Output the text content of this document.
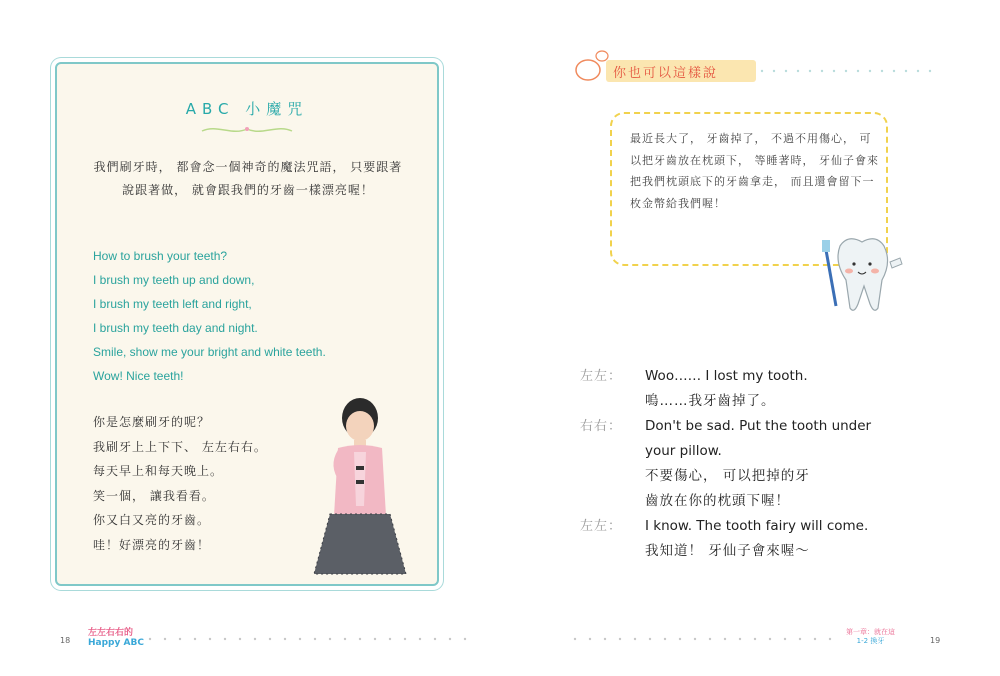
ABC 小魔咒
我們刷牙時， 都會念一個神奇的魔法咒語， 只要跟著說跟著做， 就會跟我們的牙齒一樣漂亮喔！
How to brush your teeth?
I brush my teeth up and down,
I brush my teeth left and right,
I brush my teeth day and night.
Smile, show me your bright and white teeth.
Wow! Nice teeth!
你是怎麼刷牙的呢？
我刷牙上上下下、 左左右右。
每天早上和每天晚上。
笑一個， 讓我看看。
你又白又亮的牙齒。
哇！好漂亮的牙齒！
18
左左右右的
Happy ABC
你也可以這樣說
最近長大了， 牙齒掉了， 不過不用傷心， 可以把牙齒放在枕頭下， 等睡著時， 牙仙子會來把我們枕頭底下的牙齒拿走， 而且還會留下一枚金幣給我們喔！
左左：	Woo…… I lost my tooth.
嗚……我牙齒掉了。
右右：	Don't be sad. Put the tooth under
your pillow.
不要傷心， 可以把掉的牙
齒放在你的枕頭下喔！
左左：	I know. The tooth fairy will come.
我知道！ 牙仙子會來喔～
第一章：就在這
1-2 換牙	19
